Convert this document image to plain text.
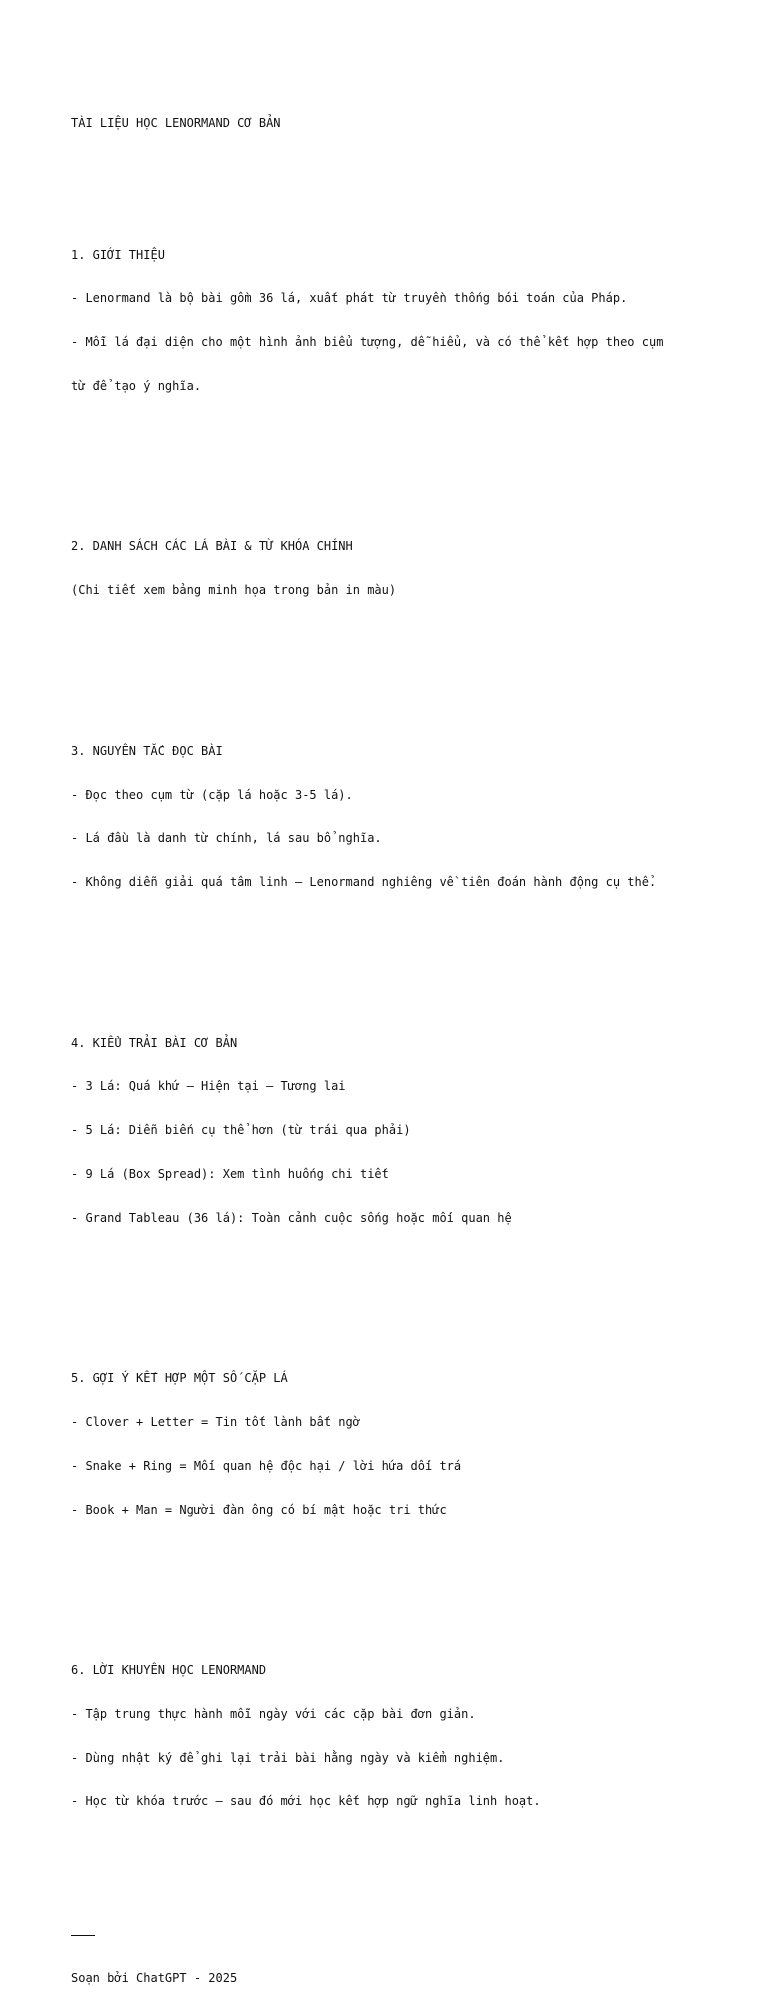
TÀI LIỆU HỌC LENORMAND CƠ BẢN

1. GIỚI THIỆU

- Lenormand là bộ bài gồm 36 lá, xuất phát từ truyền thống bói toán của Pháp.

- Mỗi lá đại diện cho một hình ảnh biểu tượng, dễ hiểu, và có thể kết hợp theo cụm

từ để tạo ý nghĩa.

2. DANH SÁCH CÁC LÁ BÀI & TỪ KHÓA CHÍNH

(Chi tiết xem bảng minh họa trong bản in màu)

3. NGUYÊN TẮC ĐỌC BÀI

- Đọc theo cụm từ (cặp lá hoặc 3-5 lá).

- Lá đầu là danh từ chính, lá sau bổ nghĩa.

- Không diễn giải quá tâm linh – Lenormand nghiêng về tiên đoán hành động cụ thể.

4. KIỂU TRẢI BÀI CƠ BẢN

- 3 Lá: Quá khứ – Hiện tại – Tương lai

- 5 Lá: Diễn biến cụ thể hơn (từ trái qua phải)

- 9 Lá (Box Spread): Xem tình huống chi tiết

- Grand Tableau (36 lá): Toàn cảnh cuộc sống hoặc mối quan hệ

5. GỢI Ý KẾT HỢP MỘT SỐ CẶP LÁ

- Clover + Letter = Tin tốt lành bất ngờ

- Snake + Ring = Mối quan hệ độc hại / lời hứa dối trá

- Book + Man = Người đàn ông có bí mật hoặc tri thức

6. LỜI KHUYÊN HỌC LENORMAND

- Tập trung thực hành mỗi ngày với các cặp bài đơn giản.

- Dùng nhật ký để ghi lại trải bài hằng ngày và kiểm nghiệm.

- Học từ khóa trước – sau đó mới học kết hợp ngữ nghĩa linh hoạt.

Soạn bởi ChatGPT - 2025
